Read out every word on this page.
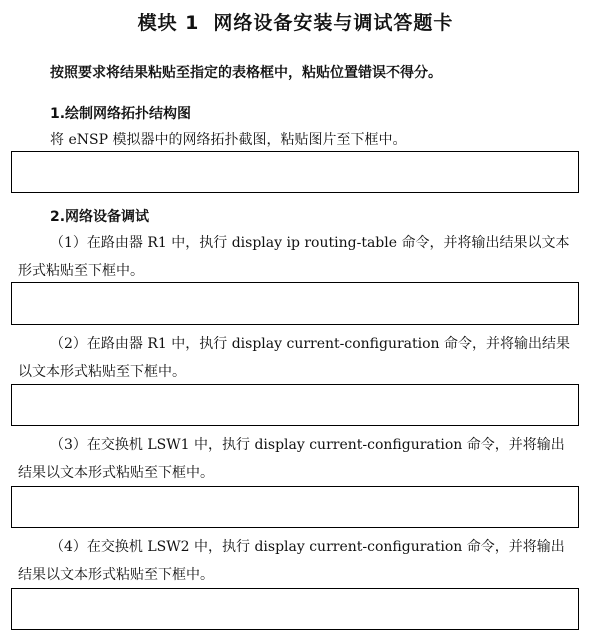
模块 1 网络设备安装与调试答题卡
按照要求将结果粘贴至指定的表格框中，粘贴位置错误不得分。
1.绘制网络拓扑结构图
将 eNSP 模拟器中的网络拓扑截图，粘贴图片至下框中。
2.网络设备调试
（1）在路由器 R1 中，执行 display ip routing-table 命令，并将输出结果以文本形式粘贴至下框中。
（2）在路由器 R1 中，执行 display current-configuration 命令，并将输出结果以文本形式粘贴至下框中。
（3）在交换机 LSW1 中，执行 display current-configuration 命令，并将输出结果以文本形式粘贴至下框中。
（4）在交换机 LSW2 中，执行 display current-configuration 命令，并将输出结果以文本形式粘贴至下框中。
